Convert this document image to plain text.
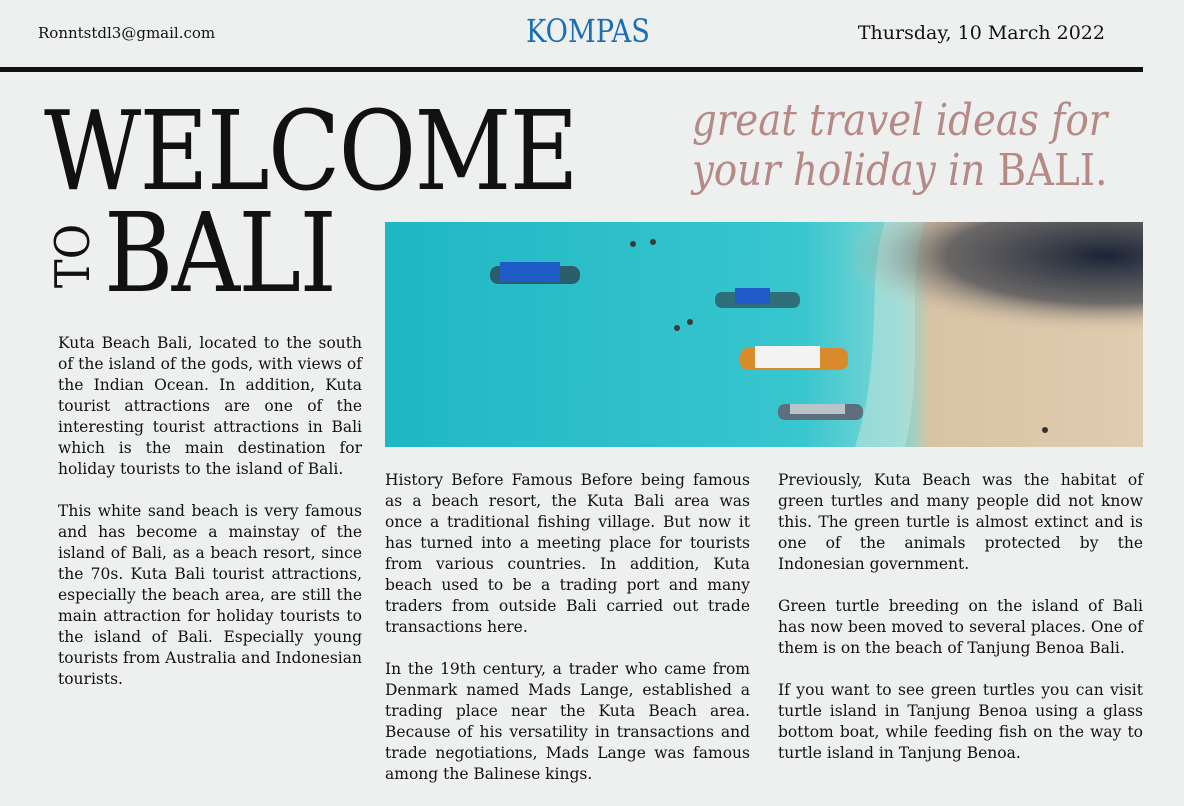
Ronntstdl3@gmail.com	KOMPAS	Thursday, 10 March 2022
WELCOME
TO BALI
great travel ideas for
your holiday in BALI.

Kuta Beach Bali, located to the south of the island of the gods, with views of the Indian Ocean. In addition, Kuta tourist attractions are one of the interesting tourist attractions in Bali which is the main destination for holiday tourists to the island of Bali.

This white sand beach is very famous and has become a mainstay of the island of Bali, as a beach resort, since the 70s. Kuta Bali tourist attractions, especially the beach area, are still the main attraction for holiday tourists to the island of Bali. Especially young tourists from Australia and Indonesian tourists.

History Before Famous Before being famous as a beach resort, the Kuta Bali area was once a traditional fishing village. But now it has turned into a meeting place for tourists from various countries. In addition, Kuta beach used to be a trading port and many traders from outside Bali carried out trade transactions here.

In the 19th century, a trader who came from Denmark named Mads Lange, established a trading place near the Kuta Beach area. Because of his versatility in transactions and trade negotiations, Mads Lange was famous among the Balinese kings.

Previously, Kuta Beach was the habitat of green turtles and many people did not know this. The green turtle is almost extinct and is one of the animals protected by the Indonesian government.

Green turtle breeding on the island of Bali has now been moved to several places. One of them is on the beach of Tanjung Benoa Bali.

If you want to see green turtles you can visit turtle island in Tanjung Benoa using a glass bottom boat, while feeding fish on the way to turtle island in Tanjung Benoa.
